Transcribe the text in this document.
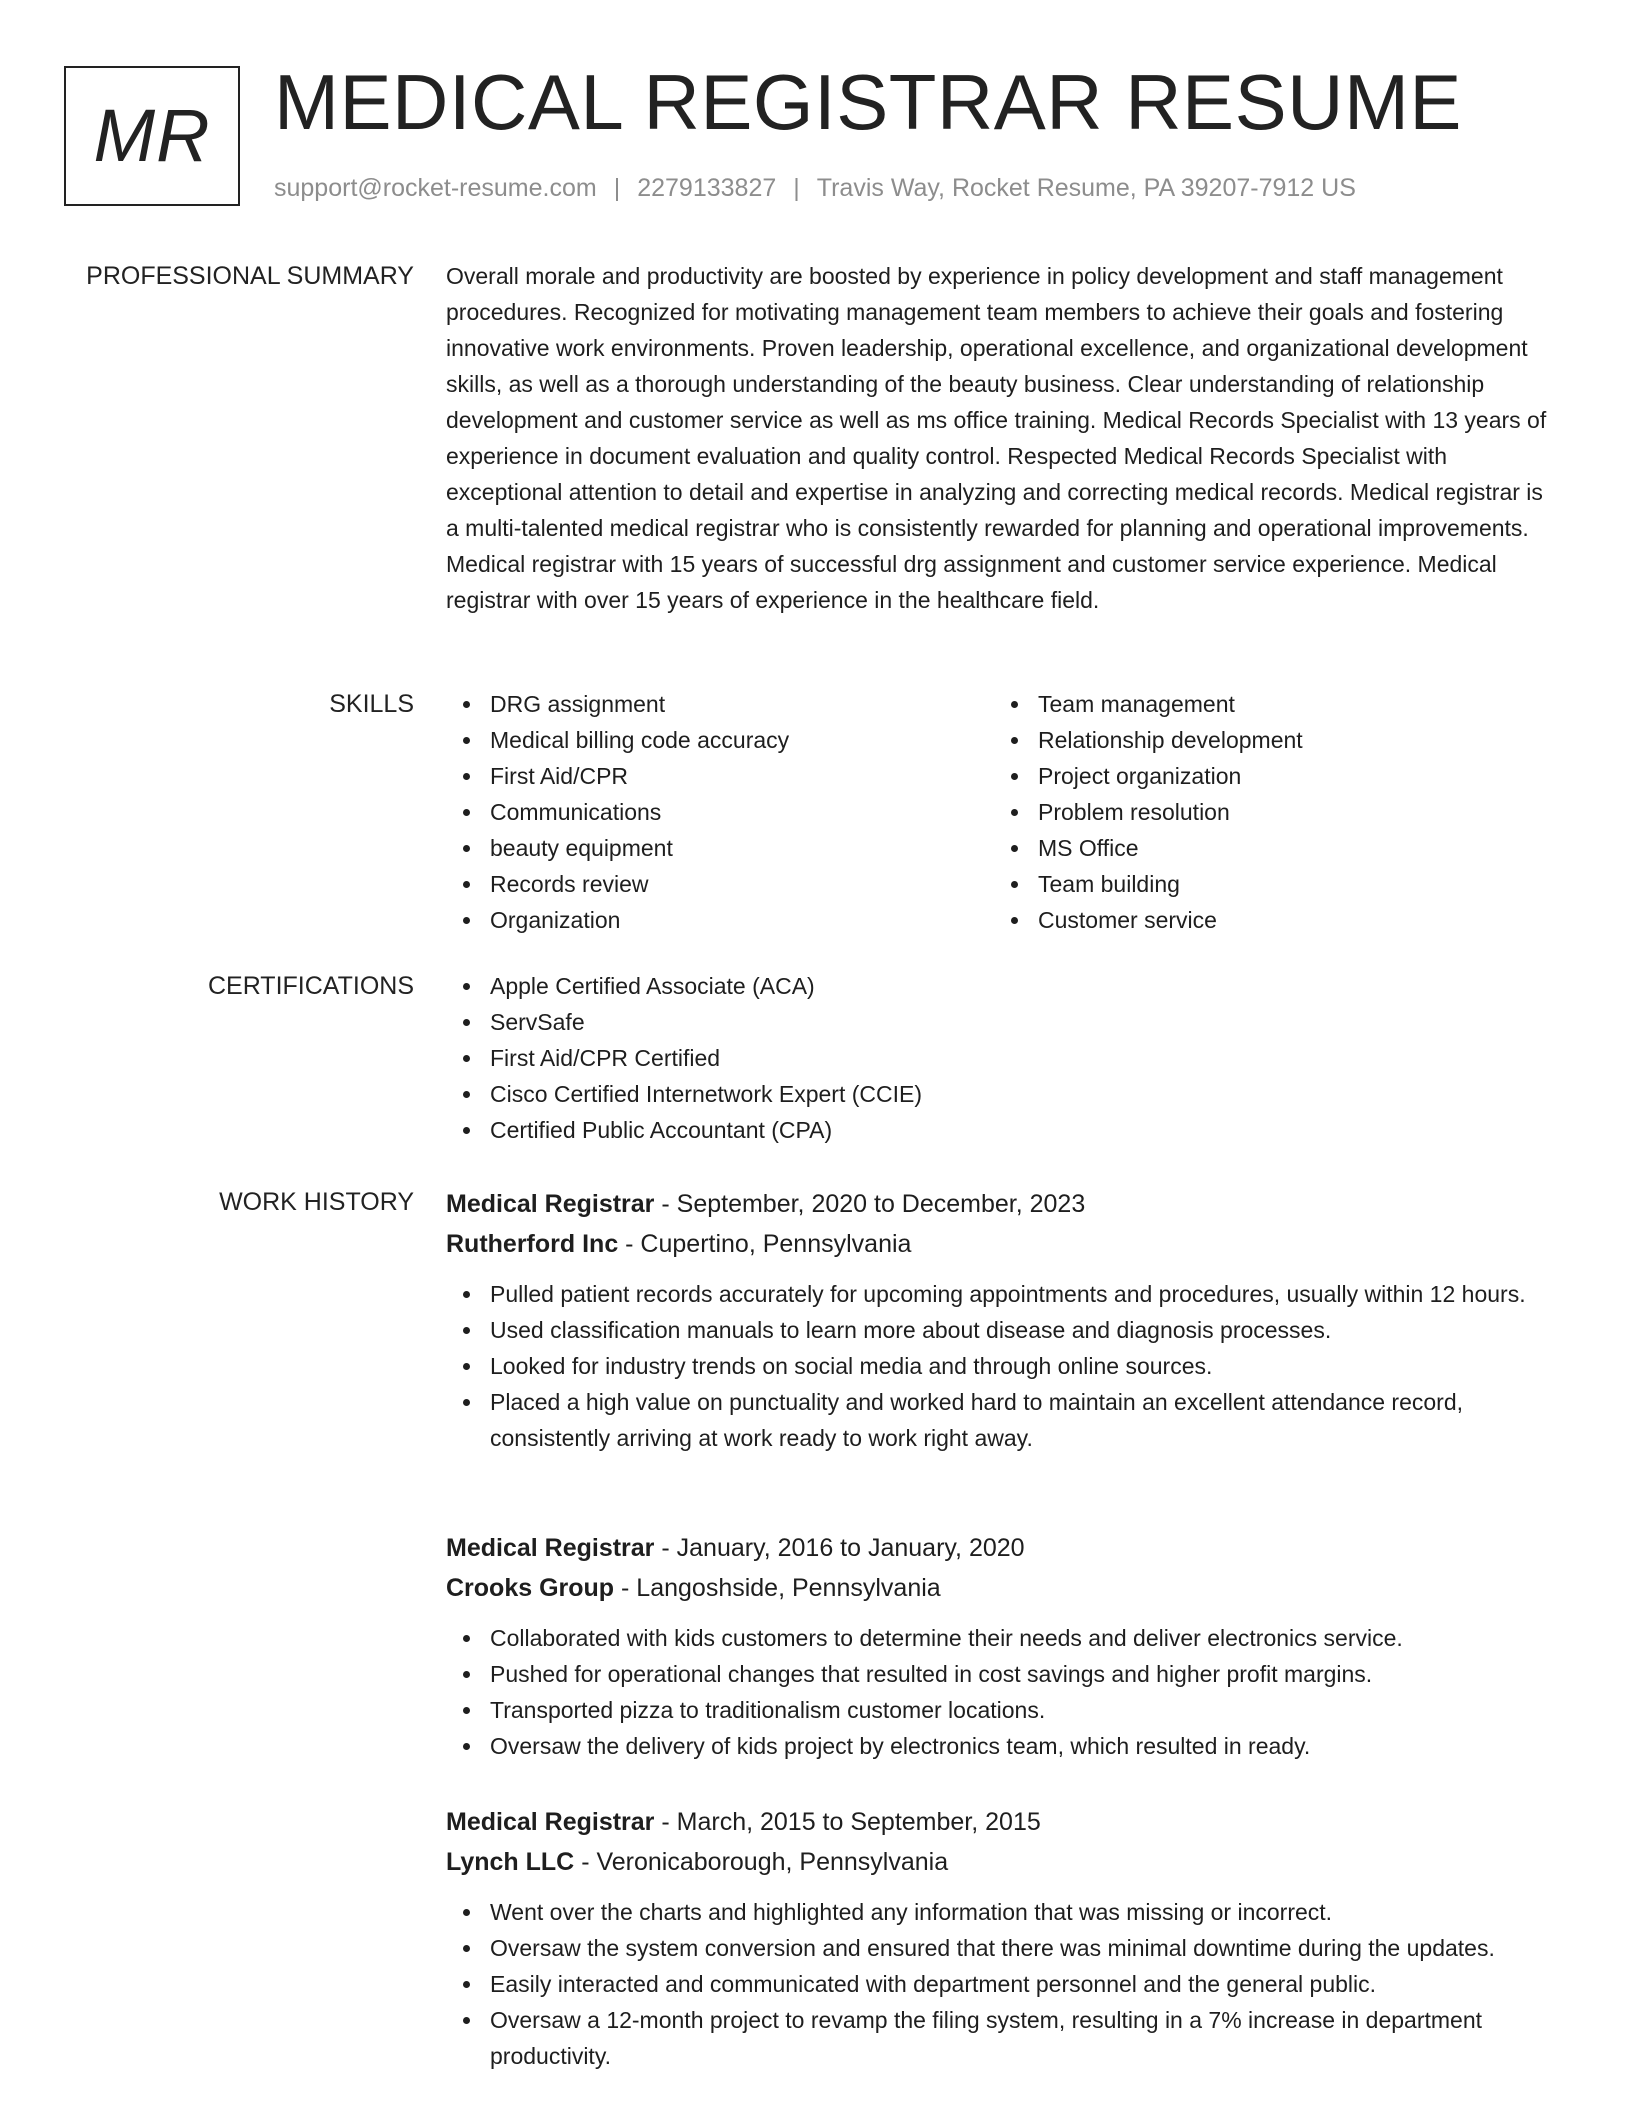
MR MEDICAL REGISTRAR RESUME
support@rocket-resume.com | 2279133827 | Travis Way, Rocket Resume, PA 39207-7912 US
PROFESSIONAL SUMMARY Overall morale and productivity are boosted by experience in policy development and staff management procedures. Recognized for motivating management team members to achieve their goals and fostering innovative work environments. Proven leadership, operational excellence, and organizational development skills, as well as a thorough understanding of the beauty business. Clear understanding of relationship development and customer service as well as ms office training. Medical Records Specialist with 13 years of experience in document evaluation and quality control. Respected Medical Records Specialist with exceptional attention to detail and expertise in analyzing and correcting medical records. Medical registrar is a multi-talented medical registrar who is consistently rewarded for planning and operational improvements. Medical registrar with 15 years of successful drg assignment and customer service experience. Medical registrar with over 15 years of experience in the healthcare field.

SKILLS	DRG assignment
Medical billing code accuracy
First Aid/CPR
Communications
beauty equipment
Records review
Organization
Team management
Relationship development
Project organization
Problem resolution
MS Office
Team building
Customer service
CERTIFICATIONS	Apple Certified Associate (ACA)
ServSafe
First Aid/CPR Certified
Cisco Certified Internetwork Expert (CCIE)
Certified Public Accountant (CPA)
WORK HISTORY Medical Registrar - September, 2020 to December, 2023
Rutherford Inc - Cupertino, Pennsylvania
Pulled patient records accurately for upcoming appointments and procedures, usually within 12 hours.
Used classification manuals to learn more about disease and diagnosis processes.
Looked for industry trends on social media and through online sources.
Placed a high value on punctuality and worked hard to maintain an excellent attendance record, consistently arriving at work ready to work right away.
Medical Registrar - January, 2016 to January, 2020
Crooks Group - Langoshside, Pennsylvania
Collaborated with kids customers to determine their needs and deliver electronics service.
Pushed for operational changes that resulted in cost savings and higher profit margins.
Transported pizza to traditionalism customer locations.
Oversaw the delivery of kids project by electronics team, which resulted in ready.
Medical Registrar - March, 2015 to September, 2015
Lynch LLC - Veronicaborough, Pennsylvania
Went over the charts and highlighted any information that was missing or incorrect.
Oversaw the system conversion and ensured that there was minimal downtime during the updates.
Easily interacted and communicated with department personnel and the general public.
Oversaw a 12-month project to revamp the filing system, resulting in a 7% increase in department productivity.
